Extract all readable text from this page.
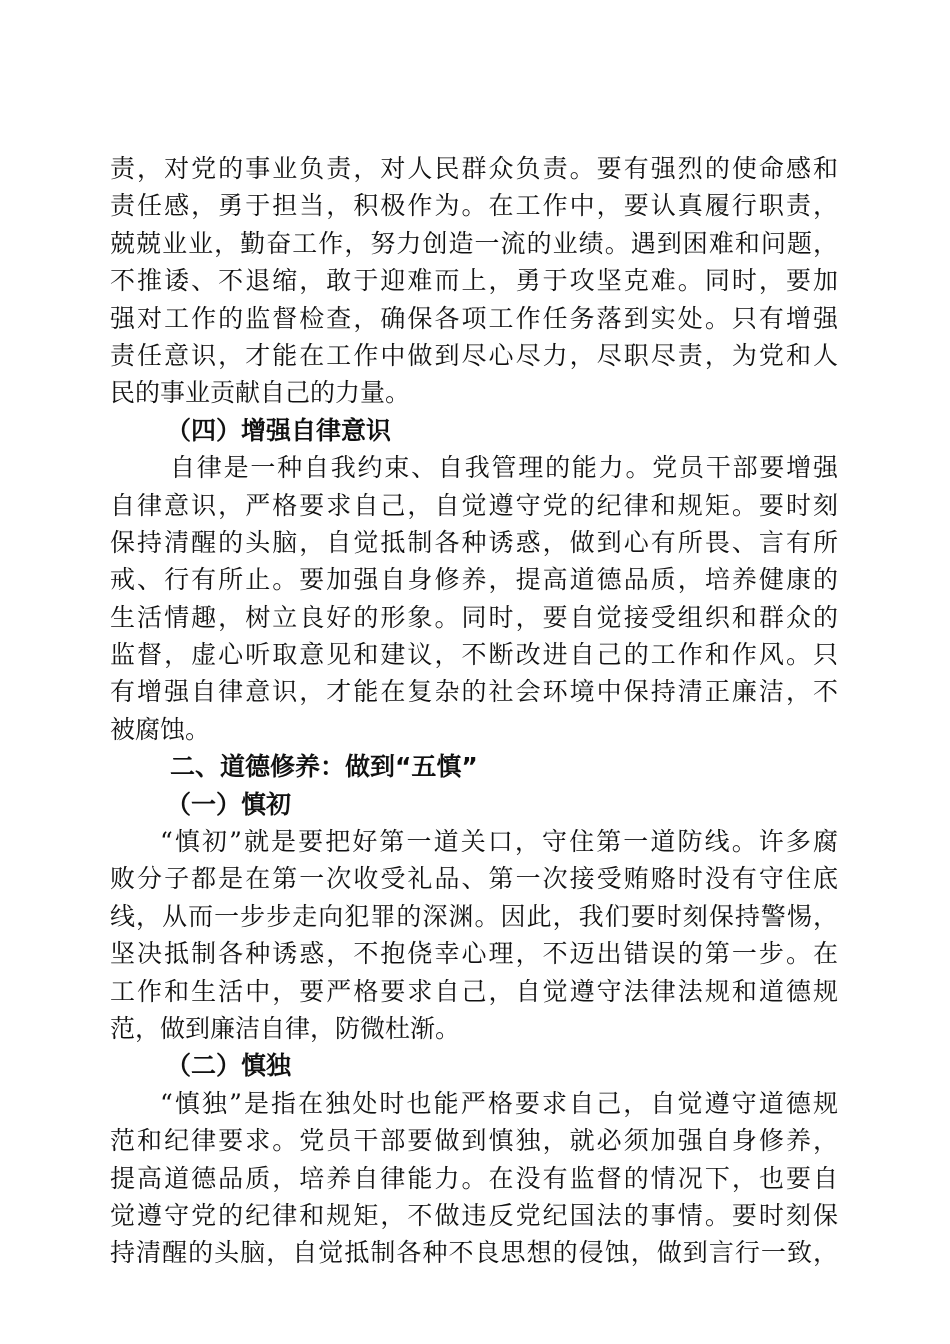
责，对党的事业负责，对人民群众负责。要有强烈的使命感和
责任感，勇于担当，积极作为。在工作中，要认真履行职责，
兢兢业业，勤奋工作，努力创造一流的业绩。遇到困难和问题，
不推诿、不退缩，敢于迎难而上，勇于攻坚克难。同时，要加
强对工作的监督检查，确保各项工作任务落到实处。只有增强
责任意识，才能在工作中做到尽心尽力，尽职尽责，为党和人
民的事业贡献自己的力量。
（四）增强自律意识
自律是一种自我约束、自我管理的能力。党员干部要增强
自律意识，严格要求自己，自觉遵守党的纪律和规矩。要时刻
保持清醒的头脑，自觉抵制各种诱惑，做到心有所畏、言有所
戒、行有所止。要加强自身修养，提高道德品质，培养健康的
生活情趣，树立良好的形象。同时，要自觉接受组织和群众的
监督，虚心听取意见和建议，不断改进自己的工作和作风。只
有增强自律意识，才能在复杂的社会环境中保持清正廉洁，不
被腐蚀。
二、道德修养：做到“五慎”
（一）慎初
“慎初”就是要把好第一道关口，守住第一道防线。许多腐
败分子都是在第一次收受礼品、第一次接受贿赂时没有守住底
线，从而一步步走向犯罪的深渊。因此，我们要时刻保持警惕，
坚决抵制各种诱惑，不抱侥幸心理，不迈出错误的第一步。在
工作和生活中，要严格要求自己，自觉遵守法律法规和道德规
范，做到廉洁自律，防微杜渐。
（二）慎独
“慎独”是指在独处时也能严格要求自己，自觉遵守道德规
范和纪律要求。党员干部要做到慎独，就必须加强自身修养，
提高道德品质，培养自律能力。在没有监督的情况下，也要自
觉遵守党的纪律和规矩，不做违反党纪国法的事情。要时刻保
持清醒的头脑，自觉抵制各种不良思想的侵蚀，做到言行一致，
